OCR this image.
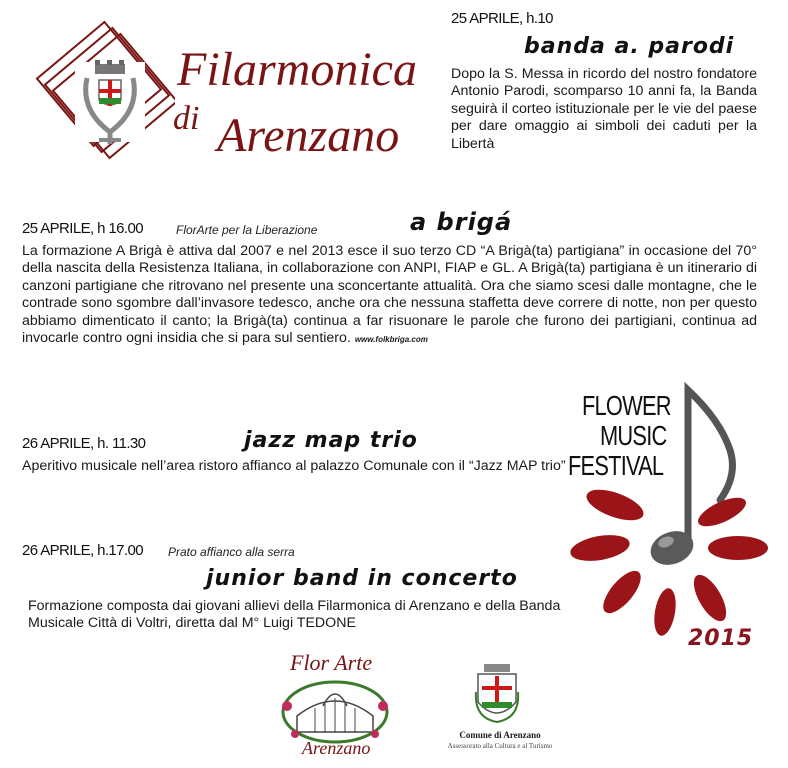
Filarmonica
di Arenzano
25 APRILE, h.10
banda a. parodi
Dopo la S. Messa in ricordo del nostro fondatore Antonio Parodi, scomparso 10 anni fa, la Banda seguirà il corteo istituzionale per le vie del paese per dare omaggio ai simboli dei caduti per la Libertà
25 APRILE, h 16.00	FlorArte per la Liberazione	a brigá
La formazione A Brigà è attiva dal 2007 e nel 2013 esce il suo terzo CD “A Brigà(ta) partigiana” in occasione del 70° della nascita della Resistenza Italiana, in collaborazione con ANPI, FIAP e GL. A Brigà(ta) partigiana è un itinerario di canzoni partigiane che ritrovano nel presente una sconcertante attualità. Ora che siamo scesi dalle montagne, che le contrade sono sgombre dall’invasore tedesco, anche ora che nessuna staffetta deve correre di notte, non per questo abbiamo dimenticato il canto; la Brigà(ta) continua a far risuonare le parole che furono dei partigiani, continua ad invocarle contro ogni insidia che si para sul sentiero. www.folkbriga.com
26 APRILE, h. 11.30	jazz map trio
Aperitivo musicale nell’area ristoro affianco al palazzo Comunale con il “Jazz MAP trio”
26 APRILE, h.17.00 Prato affianco alla serra
junior band in concerto
Formazione composta dai giovani allievi della Filarmonica di Arenzano e della Banda Musicale Città di Voltri, diretta dal M° Luigi TEDONE
FLOWER
MUSIC
FESTIVAL
2015
Flor Arte
Arenzano
Comune di Arenzano
Assessorato alla Cultura e al Turismo
